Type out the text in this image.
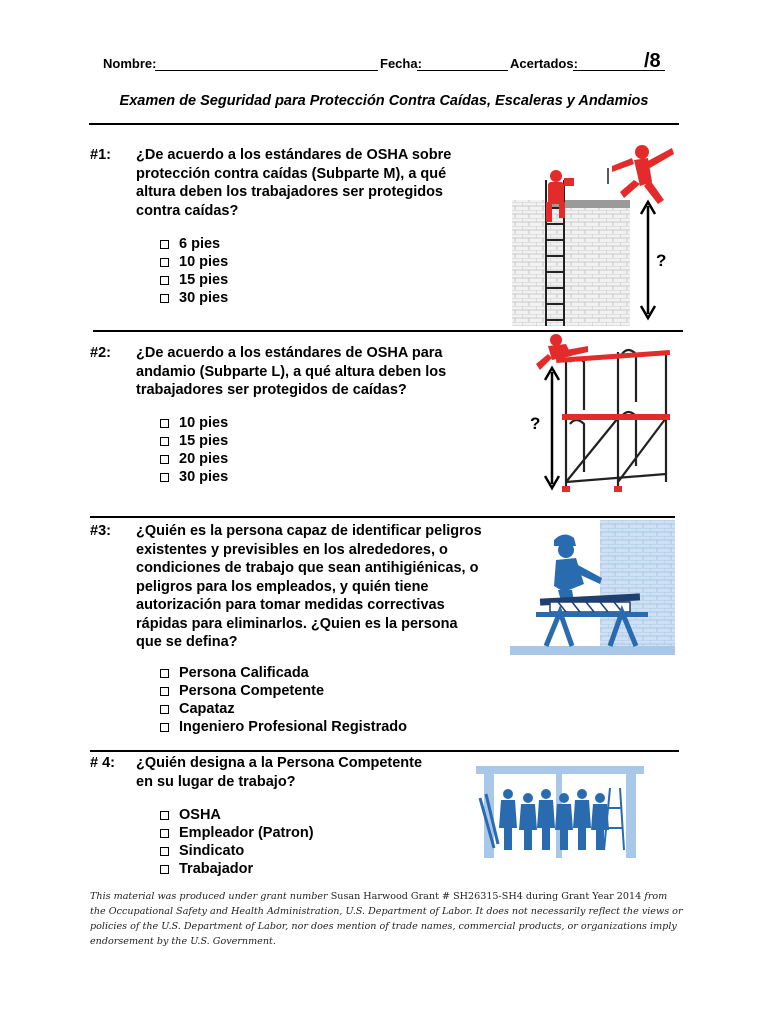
Nombre:	Fecha:	Acertados:	/8
Examen de Seguridad para Protección Contra Caídas, Escaleras y Andamios
#1: ¿De acuerdo a los estándares de OSHA sobre
protección contra caídas (Subparte M), a qué
altura deben los trabajadores ser protegidos
contra caídas?
6 pies
10 pies
15 pies
30 pies
?
#2: ¿De acuerdo a los estándares de OSHA para
andamio (Subparte L), a qué altura deben los
trabajadores ser protegidos de caídas?
10 pies
15 pies
20 pies
30 pies
?
#3: ¿Quién es la persona capaz de identificar peligros
existentes y previsibles en los alrededores, o
condiciones de trabajo que sean antihigiénicas, o
peligros para los empleados, y quién tiene
autorización para tomar medidas correctivas
rápidas para eliminarlos. ¿Quien es la persona
que se defina?
Persona Calificada
Persona Competente
Capataz
Ingeniero Profesional Registrado
# 4: ¿Quién designa a la Persona Competente
en su lugar de trabajo?
OSHA
Empleador (Patron)
Sindicato
Trabajador
This material was produced under grant number Susan Harwood Grant # SH26315-SH4 during Grant Year 2014 from the Occupational Safety and Health Administration, U.S. Department of Labor. It does not necessarily reflect the views or policies of the U.S. Department of Labor, nor does mention of trade names, commercial products, or organizations imply endorsement by the U.S. Government.
